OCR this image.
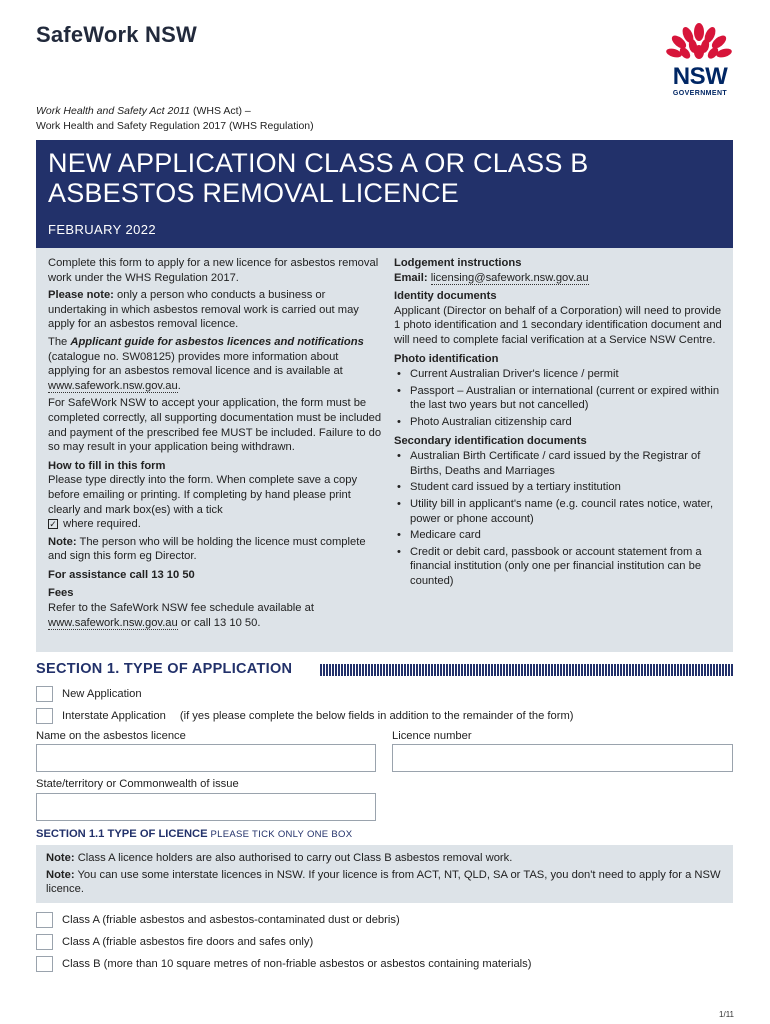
SafeWork NSW
NSW
GOVERNMENT
Work Health and Safety Act 2011 (WHS Act) –
Work Health and Safety Regulation 2017 (WHS Regulation)
NEW APPLICATION CLASS A OR CLASS B
ASBESTOS REMOVAL LICENCE
FEBRUARY 2022

Complete this form to apply for a new licence for asbestos removal work under the WHS Regulation 2017.

Please note: only a person who conducts a business or undertaking in which asbestos removal work is carried out may apply for an asbestos removal licence.

The Applicant guide for asbestos licences and notifications (catalogue no. SW08125) provides more information about applying for an asbestos removal licence and is available at www.safework.nsw.gov.au.

For SafeWork NSW to accept your application, the form must be completed correctly, all supporting documentation must be included and payment of the prescribed fee MUST be included. Failure to do so may result in your application being withdrawn.

How to fill in this form

Please type directly into the form. When complete save a copy before emailing or printing. If completing by hand please print clearly and mark box(es) with a tick
✓ where required.

Note: The person who will be holding the licence must complete and sign this form eg Director.

For assistance call 13 10 50

Fees

Refer to the SafeWork NSW fee schedule available at www.safework.nsw.gov.au or call 13 10 50.

Lodgement instructions

Email: licensing@safework.nsw.gov.au

Identity documents

Applicant (Director on behalf of a Corporation) will need to provide 1 photo identification and 1 secondary identification document and will need to complete facial verification at a Service NSW Centre.

Photo identification
• Current Australian Driver's licence / permit
• Passport – Australian or international (current or expired within the last two years but not cancelled)
• Photo Australian citizenship card
Secondary identification documents
• Australian Birth Certificate / card issued by the Registrar of Births, Deaths and Marriages
• Student card issued by a tertiary institution
• Utility bill in applicant's name (e.g. council rates notice, water, power or phone account)
• Medicare card
• Credit or debit card, passbook or account statement from a financial institution (only one per financial institution can be counted)
SECTION 1. TYPE OF APPLICATION
New Application
Interstate Application (if yes please complete the below fields in addition to the remainder of the form)
Name on the asbestos licence	Licence number
State/territory or Commonwealth of issue
SECTION 1.1 TYPE OF LICENCE PLEASE TICK ONLY ONE BOX

Note: Class A licence holders are also authorised to carry out Class B asbestos removal work.

Note: You can use some interstate licences in NSW. If your licence is from ACT, NT, QLD, SA or TAS, you don't need to apply for a NSW licence.

Class A (friable asbestos and asbestos-contaminated dust or debris)
Class A (friable asbestos fire doors and safes only)
Class B (more than 10 square metres of non-friable asbestos or asbestos containing materials)
1/11
